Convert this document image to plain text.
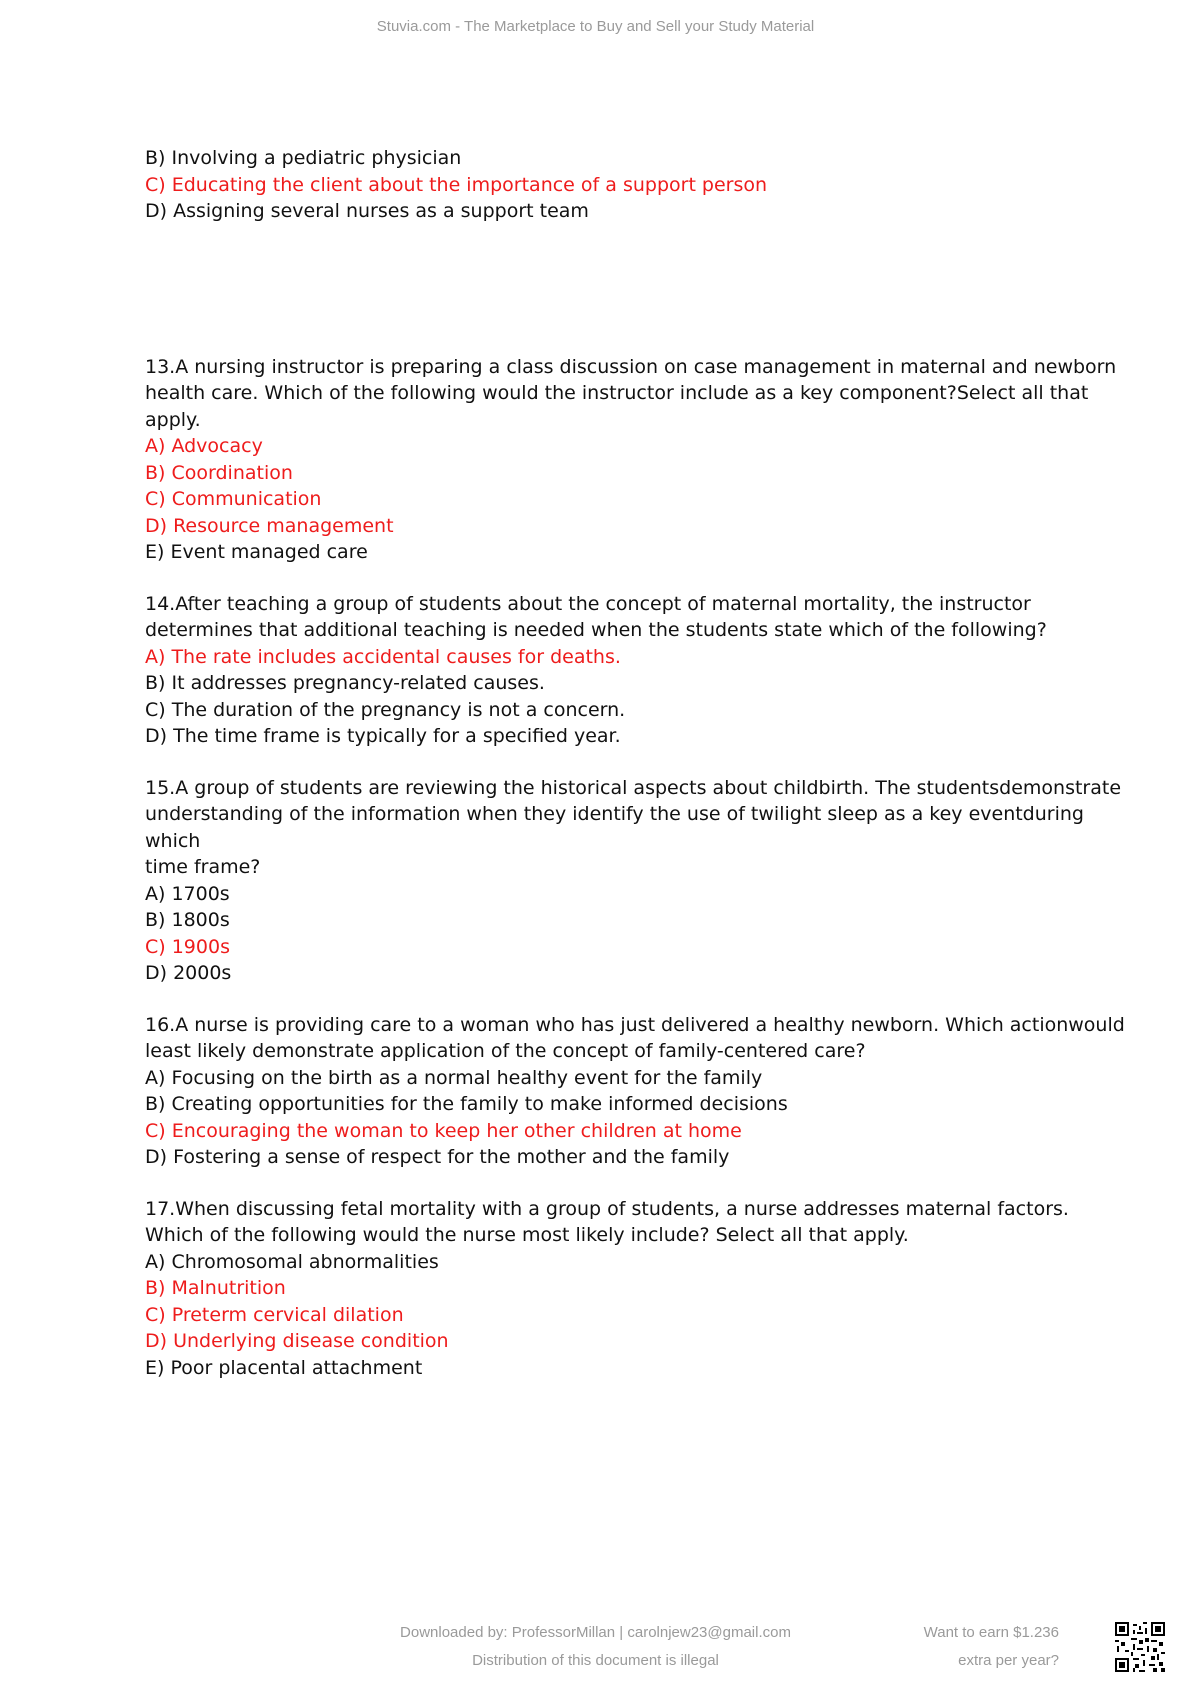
Stuvia.com - The Marketplace to Buy and Sell your Study Material
B) Involving a pediatric physician
C) Educating the client about the importance of a support person
D) Assigning several nurses as a support team
13.A nursing instructor is preparing a class discussion on case management in maternal and newborn
health care. Which of the following would the instructor include as a key component?Select all that
apply.
A) Advocacy
B) Coordination
C) Communication
D) Resource management
E) Event managed care
14.After teaching a group of students about the concept of maternal mortality, the instructor
determines that additional teaching is needed when the students state which of the following?
A) The rate includes accidental causes for deaths.
B) It addresses pregnancy-related causes.
C) The duration of the pregnancy is not a concern.
D) The time frame is typically for a specified year.
15.A group of students are reviewing the historical aspects about childbirth. The studentsdemonstrate
understanding of the information when they identify the use of twilight sleep as a key eventduring
which
time frame?
A) 1700s
B) 1800s
C) 1900s
D) 2000s
16.A nurse is providing care to a woman who has just delivered a healthy newborn. Which actionwould
least likely demonstrate application of the concept of family-centered care?
A) Focusing on the birth as a normal healthy event for the family
B) Creating opportunities for the family to make informed decisions
C) Encouraging the woman to keep her other children at home
D) Fostering a sense of respect for the mother and the family
17.When discussing fetal mortality with a group of students, a nurse addresses maternal factors.
Which of the following would the nurse most likely include? Select all that apply.
A) Chromosomal abnormalities
B) Malnutrition
C) Preterm cervical dilation
D) Underlying disease condition
E) Poor placental attachment
Downloaded by: ProfessorMillan | carolnjew23@gmail.com
Distribution of this document is illegal
Want to earn $1.236
extra per year?
